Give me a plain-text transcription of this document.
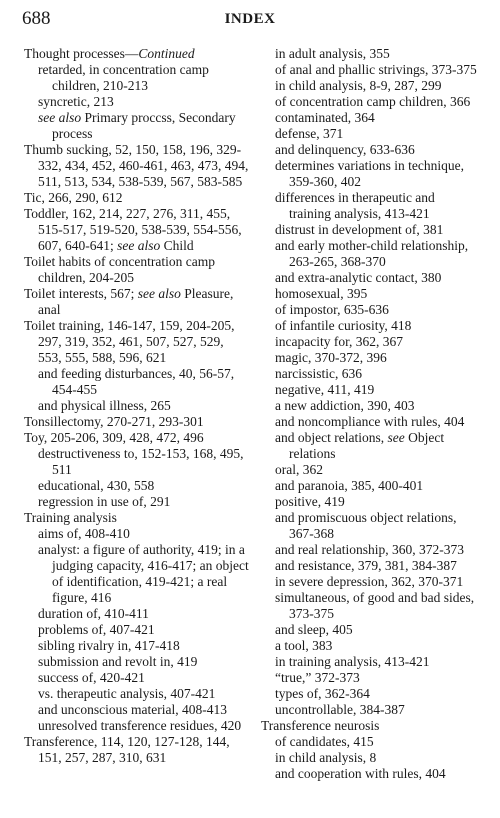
688	INDEX
Thought processes—Continued
retarded, in concentration camp children, 210-213
syncretic, 213
see also Primary proccss, Secondary process
Thumb sucking, 52, 150, 158, 196, 329-332, 434, 452, 460-461, 463, 473, 494, 511, 513, 534, 538-539, 567, 583-585
Tic, 266, 290, 612
Toddler, 162, 214, 227, 276, 311, 455, 515-517, 519-520, 538-539, 554-556, 607, 640-641; see also Child
Toilet habits of concentration camp children, 204-205
Toilet interests, 567; see also Pleasure, anal
Toilet training, 146-147, 159, 204-205, 297, 319, 352, 461, 507, 527, 529, 553, 555, 588, 596, 621
and feeding disturbances, 40, 56-57, 454-455
and physical illness, 265
Tonsillectomy, 270-271, 293-301
Toy, 205-206, 309, 428, 472, 496
destructiveness to, 152-153, 168, 495, 511
educational, 430, 558
regression in use of, 291
Training analysis
aims of, 408-410
analyst: a figure of authority, 419; in a judging capacity, 416-417; an object of identification, 419-421; a real figure, 416
duration of, 410-411
problems of, 407-421
sibling rivalry in, 417-418
submission and revolt in, 419
success of, 420-421
vs. therapeutic analysis, 407-421
and unconscious material, 408-413
unresolved transference residues, 420
Transference, 114, 120, 127-128, 144, 151, 257, 287, 310, 631
in adult analysis, 355
of anal and phallic strivings, 373-375
in child analysis, 8-9, 287, 299
of concentration camp children, 366
contaminated, 364
defense, 371
and delinquency, 633-636
determines variations in technique, 359-360, 402
differences in therapeutic and training analysis, 413-421
distrust in development of, 381
and early mother-child relationship, 263-265, 368-370
and extra-analytic contact, 380
homosexual, 395
of impostor, 635-636
of infantile curiosity, 418
incapacity for, 362, 367
magic, 370-372, 396
narcissistic, 636
negative, 411, 419
a new addiction, 390, 403
and noncompliance with rules, 404
and object relations, see Object relations
oral, 362
and paranoia, 385, 400-401
positive, 419
and promiscuous object relations, 367-368
and real relationship, 360, 372-373
and resistance, 379, 381, 384-387
in severe depression, 362, 370-371
simultaneous, of good and bad sides, 373-375
and sleep, 405
a tool, 383
in training analysis, 413-421
“true,” 372-373
types of, 362-364
uncontrollable, 384-387
Transference neurosis
of candidates, 415
in child analysis, 8
and cooperation with rules, 404
